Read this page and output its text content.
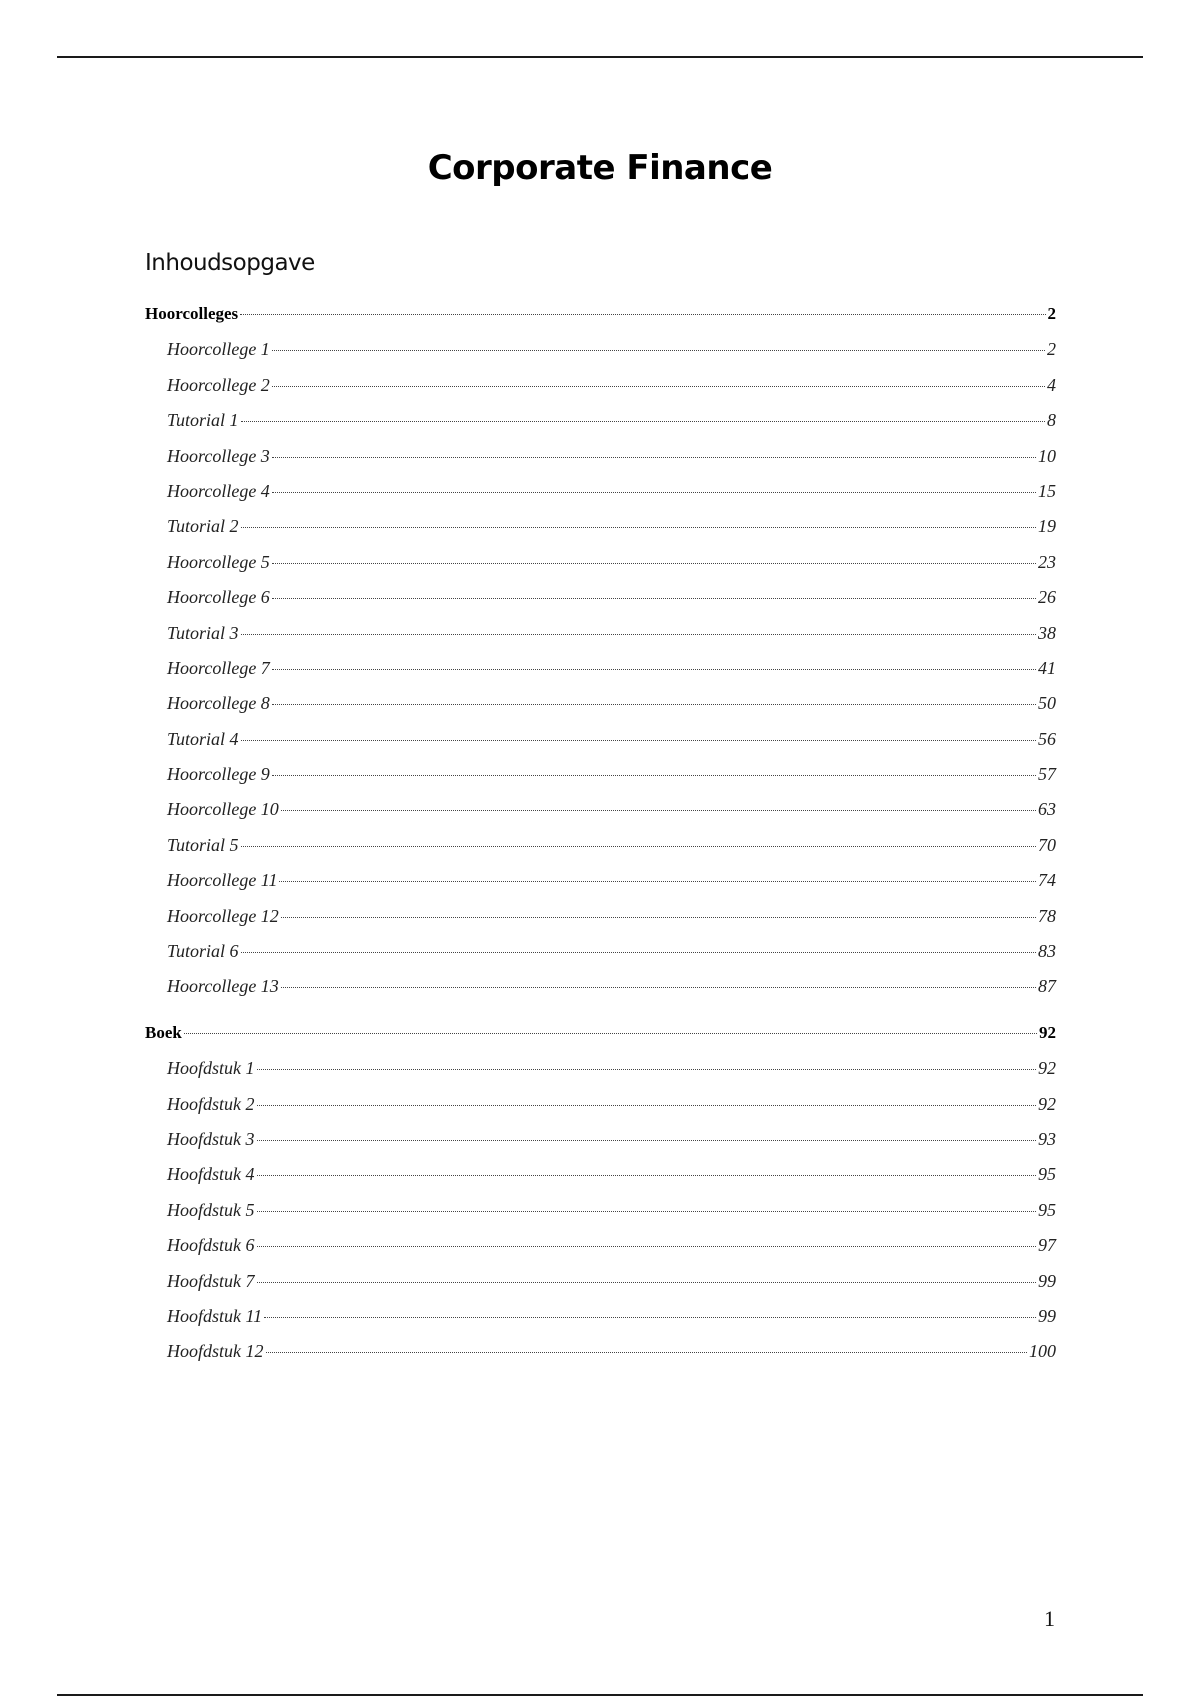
Corporate Finance
Inhoudsopgave
Hoorcolleges	2
Hoorcollege 1	2
Hoorcollege 2	4
Tutorial 1	8
Hoorcollege 3	10
Hoorcollege 4	15
Tutorial 2	19
Hoorcollege 5	23
Hoorcollege 6	26
Tutorial 3	38
Hoorcollege 7	41
Hoorcollege 8	50
Tutorial 4	56
Hoorcollege 9	57
Hoorcollege 10	63
Tutorial 5	70
Hoorcollege 11	74
Hoorcollege 12	78
Tutorial 6	83
Hoorcollege 13	87
Boek	92
Hoofdstuk 1	92
Hoofdstuk 2	92
Hoofdstuk 3	93
Hoofdstuk 4	95
Hoofdstuk 5	95
Hoofdstuk 6	97
Hoofdstuk 7	99
Hoofdstuk 11	99
Hoofdstuk 12	100
1
